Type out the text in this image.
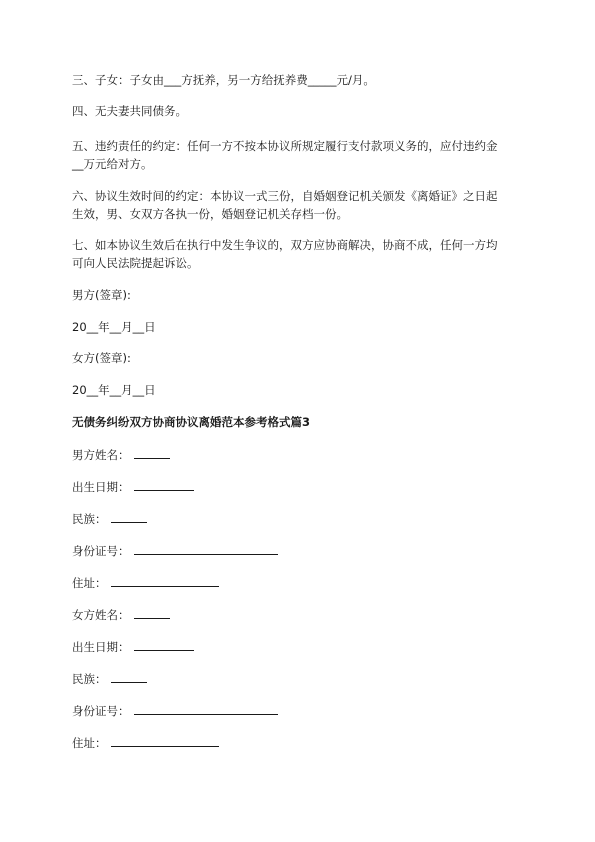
三、子女：子女由___方抚养，另一方给抚养费_____元/月。
四、无夫妻共同债务。
五、违约责任的约定：任何一方不按本协议所规定履行支付款项义务的，应付违约金
__万元给对方。
六、协议生效时间的约定：本协议一式三份，自婚姻登记机关颁发《离婚证》之日起
生效，男、女双方各执一份，婚姻登记机关存档一份。
七、如本协议生效后在执行中发生争议的，双方应协商解决，协商不成，任何一方均
可向人民法院提起诉讼。
男方(签章):
20__年__月__日
女方(签章):
20__年__月__日
无债务纠纷双方协商协议离婚范本参考格式篇3
男方姓名：
出生日期：
民族：
身份证号：
住址：
女方姓名：
出生日期：
民族：
身份证号：
住址：
